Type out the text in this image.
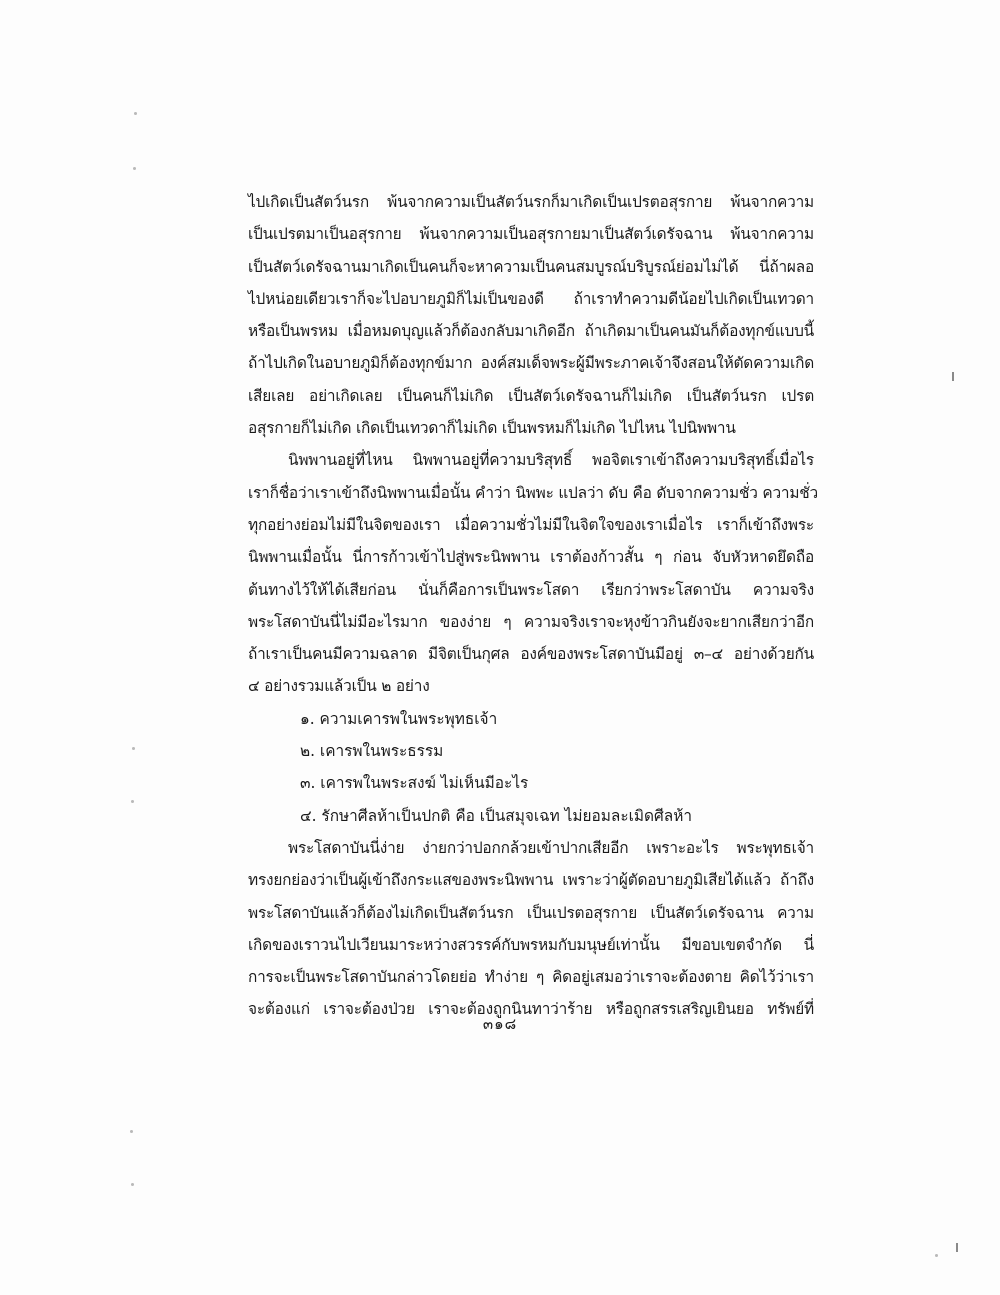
ไปเกิดเป็นสัตว์นรก พ้นจากความเป็นสัตว์นรกก็มาเกิดเป็นเปรตอสุรกาย พ้นจากความ
เป็นเปรตมาเป็นอสุรกาย พ้นจากความเป็นอสุรกายมาเป็นสัตว์เดรัจฉาน พ้นจากความ
เป็นสัตว์เดรัจฉานมาเกิดเป็นคนก็จะหาความเป็นคนสมบูรณ์บริบูรณ์ย่อมไม่ได้ นี่ถ้าผลอ
ไปหน่อยเดียวเราก็จะไปอบายภูมิก็ไม่เป็นของดี ถ้าเราทำความดีน้อยไปเกิดเป็นเทวดา
หรือเป็นพรหม เมื่อหมดบุญแล้วก็ต้องกลับมาเกิดอีก ถ้าเกิดมาเป็นคนมันก็ต้องทุกข์แบบนี้
ถ้าไปเกิดในอบายภูมิก็ต้องทุกข์มาก องค์สมเด็จพระผู้มีพระภาคเจ้าจึงสอนให้ตัดความเกิด
เสียเลย อย่าเกิดเลย เป็นคนก็ไม่เกิด เป็นสัตว์เดรัจฉานก็ไม่เกิด เป็นสัตว์นรก เปรต
อสุรกายก็ไม่เกิด เกิดเป็นเทวดาก็ไม่เกิด เป็นพรหมก็ไม่เกิด ไปไหน ไปนิพพาน
นิพพานอยู่ที่ไหน นิพพานอยู่ที่ความบริสุทธิ์ พอจิตเราเข้าถึงความบริสุทธิ์เมื่อไร
เราก็ชื่อว่าเราเข้าถึงนิพพานเมื่อนั้น คำว่า นิพพะ แปลว่า ดับ คือ ดับจากความชั่ว ความชั่ว
ทุกอย่างย่อมไม่มีในจิตของเรา เมื่อความชั่วไม่มีในจิตใจของเราเมื่อไร เราก็เข้าถึงพระ
นิพพานเมื่อนั้น นี่การก้าวเข้าไปสู่พระนิพพาน เราต้องก้าวสั้น ๆ ก่อน จับหัวหาดยึดถือ
ต้นทางไว้ให้ได้เสียก่อน นั่นก็คือการเป็นพระโสดา เรียกว่าพระโสดาบัน ความจริง
พระโสดาบันนี่ไม่มีอะไรมาก ของง่าย ๆ ความจริงเราจะหุงข้าวกินยังจะยากเสียกว่าอีก
ถ้าเราเป็นคนมีความฉลาด มีจิตเป็นกุศล องค์ของพระโสดาบันมีอยู่ ๓–๔ อย่างด้วยกัน
๔ อย่างรวมแล้วเป็น ๒ อย่าง
๑. ความเคารพในพระพุทธเจ้า
๒. เคารพในพระธรรม
๓. เคารพในพระสงฆ์ ไม่เห็นมีอะไร
๔. รักษาศีลห้าเป็นปกติ คือ เป็นสมุจเฉท ไม่ยอมละเมิดศีลห้า
พระโสดาบันนี่ง่าย ง่ายกว่าปอกกล้วยเข้าปากเสียอีก เพราะอะไร พระพุทธเจ้า
ทรงยกย่องว่าเป็นผู้เข้าถึงกระแสของพระนิพพาน เพราะว่าผู้ตัดอบายภูมิเสียได้แล้ว ถ้าถึง
พระโสดาบันแล้วก็ต้องไม่เกิดเป็นสัตว์นรก เป็นเปรตอสุรกาย เป็นสัตว์เดรัจฉาน ความ
เกิดของเราวนไปเวียนมาระหว่างสวรรค์กับพรหมกับมนุษย์เท่านั้น มีขอบเขตจำกัด นี่
การจะเป็นพระโสดาบันกล่าวโดยย่อ ทำง่าย ๆ คิดอยู่เสมอว่าเราจะต้องตาย คิดไว้ว่าเรา
จะต้องแก่ เราจะต้องป่วย เราจะต้องถูกนินทาว่าร้าย หรือถูกสรรเสริญเยินยอ ทรัพย์ที่
๓๑๘
